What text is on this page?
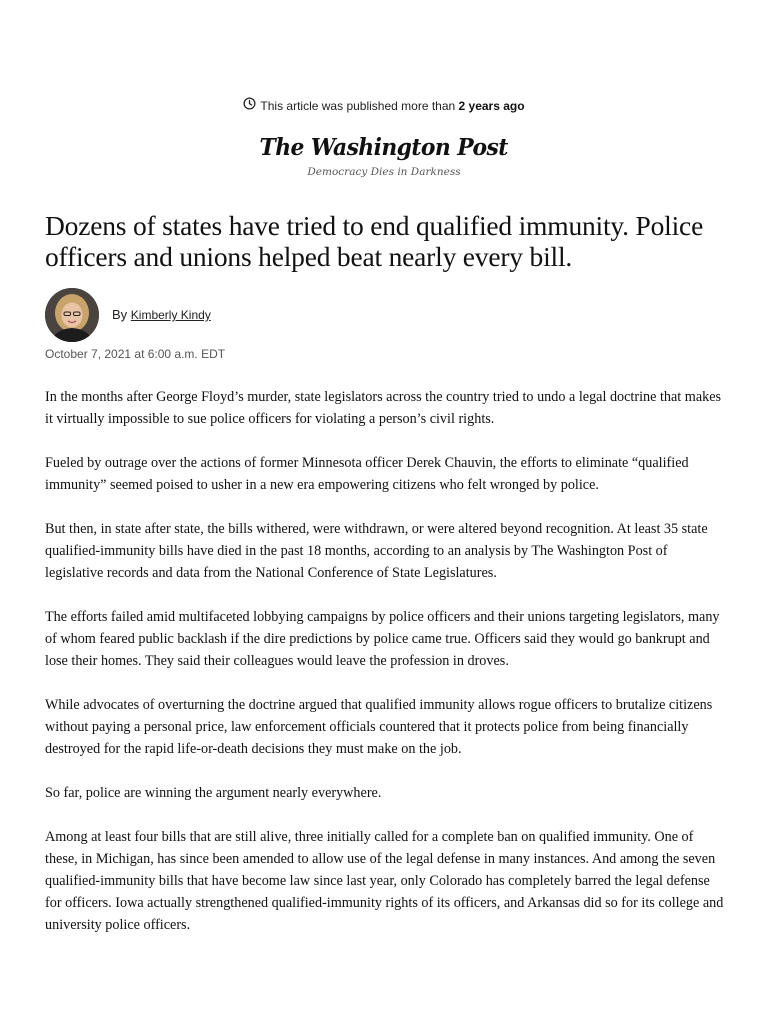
This article was published more than 2 years ago
The Washington Post
Democracy Dies in Darkness
Dozens of states have tried to end qualified immunity. Police officers and unions helped beat nearly every bill.
By Kimberly Kindy
October 7, 2021 at 6:00 a.m. EDT

In the months after George Floyd’s murder, state legislators across the country tried to undo a legal doctrine that makes it virtually impossible to sue police officers for violating a person’s civil rights.

Fueled by outrage over the actions of former Minnesota officer Derek Chauvin, the efforts to eliminate “qualified immunity” seemed poised to usher in a new era empowering citizens who felt wronged by police.

But then, in state after state, the bills withered, were withdrawn, or were altered beyond recognition. At least 35 state qualified-immunity bills have died in the past 18 months, according to an analysis by The Washington Post of legislative records and data from the National Conference of State Legislatures.

The efforts failed amid multifaceted lobbying campaigns by police officers and their unions targeting legislators, many of whom feared public backlash if the dire predictions by police came true. Officers said they would go bankrupt and lose their homes. They said their colleagues would leave the profession in droves.

While advocates of overturning the doctrine argued that qualified immunity allows rogue officers to brutalize citizens without paying a personal price, law enforcement officials countered that it protects police from being financially destroyed for the rapid life-or-death decisions they must make on the job.

So far, police are winning the argument nearly everywhere.

Among at least four bills that are still alive, three initially called for a complete ban on qualified immunity. One of these, in Michigan, has since been amended to allow use of the legal defense in many instances. And among the seven qualified-immunity bills that have become law since last year, only Colorado has completely barred the legal defense for officers. Iowa actually strengthened qualified-immunity rights of its officers, and Arkansas did so for its college and university police officers.
